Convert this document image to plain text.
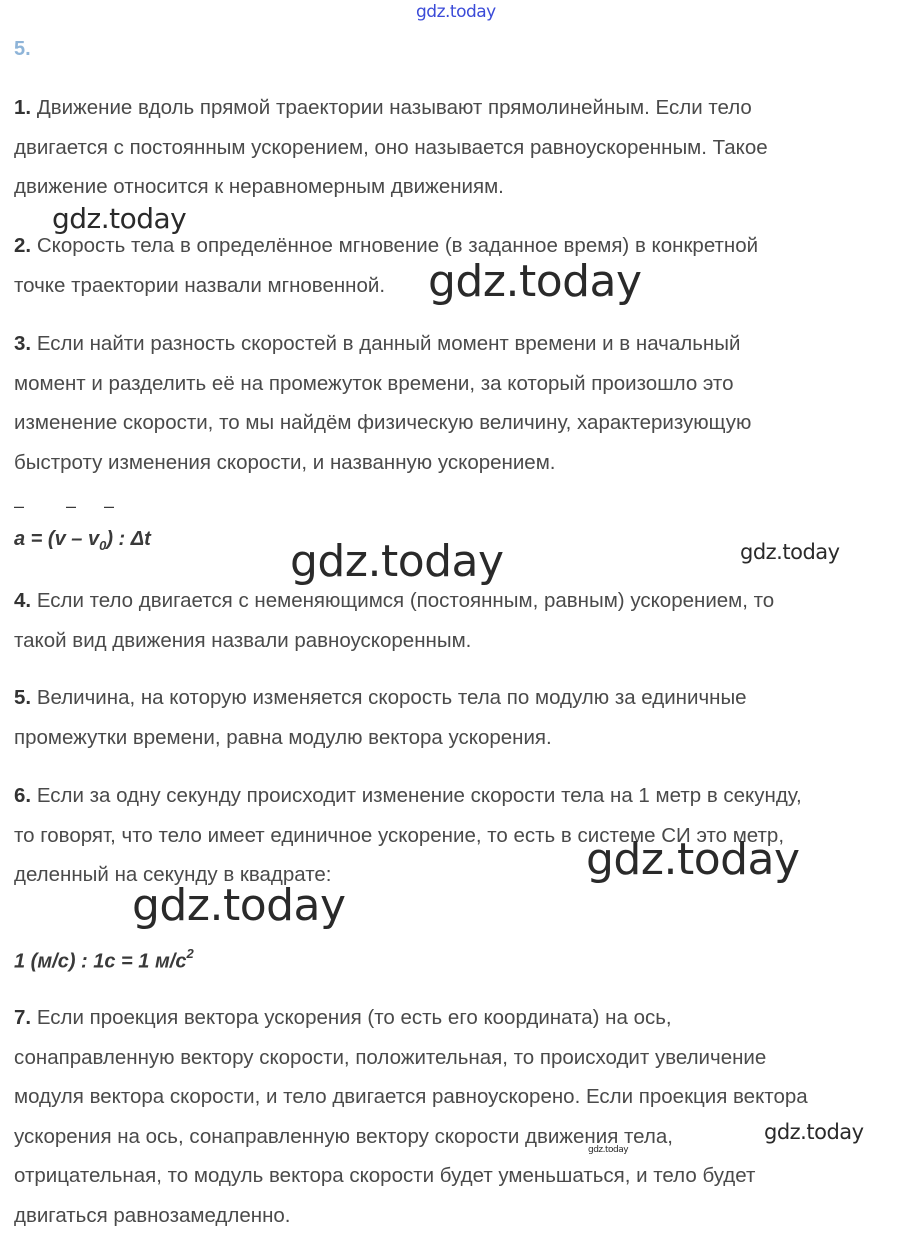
gdz.today
5.
1. Движение вдоль прямой траектории называют прямолинейным. Если тело
двигается с постоянным ускорением, оно называется равноускоренным. Такое
движение относится к неравномерным движениям.
2. Скорость тела в определённое мгновение (в заданное время) в конкретной
точке траектории назвали мгновенной.
3. Если найти разность скоростей в данный момент времени и в начальный
момент и разделить её на промежуток времени, за который произошло это
изменение скорости, то мы найдём физическую величину, характеризующую
быстроту изменения скорости, и названную ускорением.
– – –
$a = (v - v_0)$ : Δt
4. Если тело двигается с неменяющимся (постоянным, равным) ускорением, то
такой вид движения назвали равноускоренным.
5. Величина, на которую изменяется скорость тела по модулю за единичные
промежутки времени, равна модулю вектора ускорения.
6. Если за одну секунду происходит изменение скорости тела на 1 метр в секунду,
то говорят, что тело имеет единичное ускорение, то есть в системе СИ это метр,
деленный на секунду в квадрате:
1 (м/с) : 1с = 1 $м/с^2$
7. Если проекция вектора ускорения (то есть его координата) на ось,
сонаправленную вектору скорости, положительная, то происходит увеличение
модуля вектора скорости, и тело двигается равноускорено. Если проекция вектора
ускорения на ось, сонаправленную вектору скорости движения тела,
отрицательная, то модуль вектора скорости будет уменьшаться, и тело будет
двигаться равнозамедленно.
gdz.today
gdz.today
gdz.today	gdz.today
gdz.today
gdz.today
gdz.today
gdz.today
